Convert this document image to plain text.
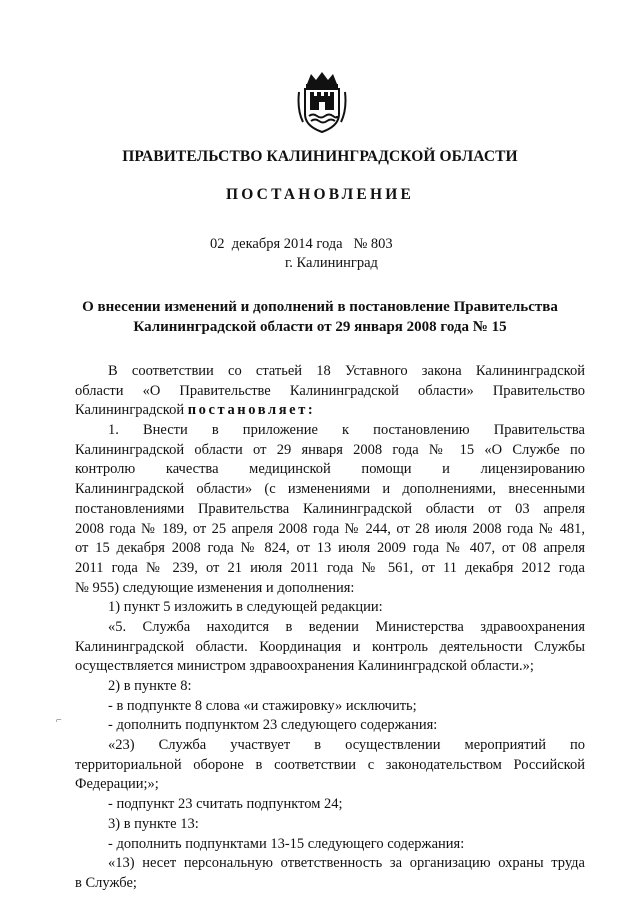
ПРАВИТЕЛЬСТВО КАЛИНИНГРАДСКОЙ ОБЛАСТИ
ПОСТАНОВЛЕНИЕ
02  декабря 2014 года   № 803
г. Калининград
О внесении изменений и дополнений в постановление Правительства
Калининградской области от 29 января 2008 года № 15
В соответствии со статьей 18 Уставного закона Калининградской
области «О Правительстве Калининградской области» Правительство
Калининградской постановляет:
1. Внести в приложение к постановлению Правительства
Калининградской области от 29 января 2008 года № 15 «О Службе по
контролю качества медицинской помощи и лицензированию
Калининградской области» (с изменениями и дополнениями, внесенными
постановлениями Правительства Калининградской области от 03 апреля
2008 года № 189, от 25 апреля 2008 года № 244, от 28 июля 2008 года № 481,
от 15 декабря 2008 года № 824, от 13 июля 2009 года № 407, от 08 апреля
2011 года № 239, от 21 июля 2011 года № 561, от 11 декабря 2012 года
№ 955) следующие изменения и дополнения:
1) пункт 5 изложить в следующей редакции:
«5. Служба находится в ведении Министерства здравоохранения
Калининградской области. Координация и контроль деятельности Службы
осуществляется министром здравоохранения Калининградской области.»;
2) в пункте 8:
- в подпункте 8 слова «и стажировку» исключить;
- дополнить подпунктом 23 следующего содержания:
«23) Служба участвует в осуществлении мероприятий по
территориальной обороне в соответствии с законодательством Российской
Федерации;»;
- подпункт 23 считать подпунктом 24;
3) в пункте 13:
- дополнить подпунктами 13-15 следующего содержания:
«13) несет персональную ответственность за организацию охраны труда
в Службе;
⌐
